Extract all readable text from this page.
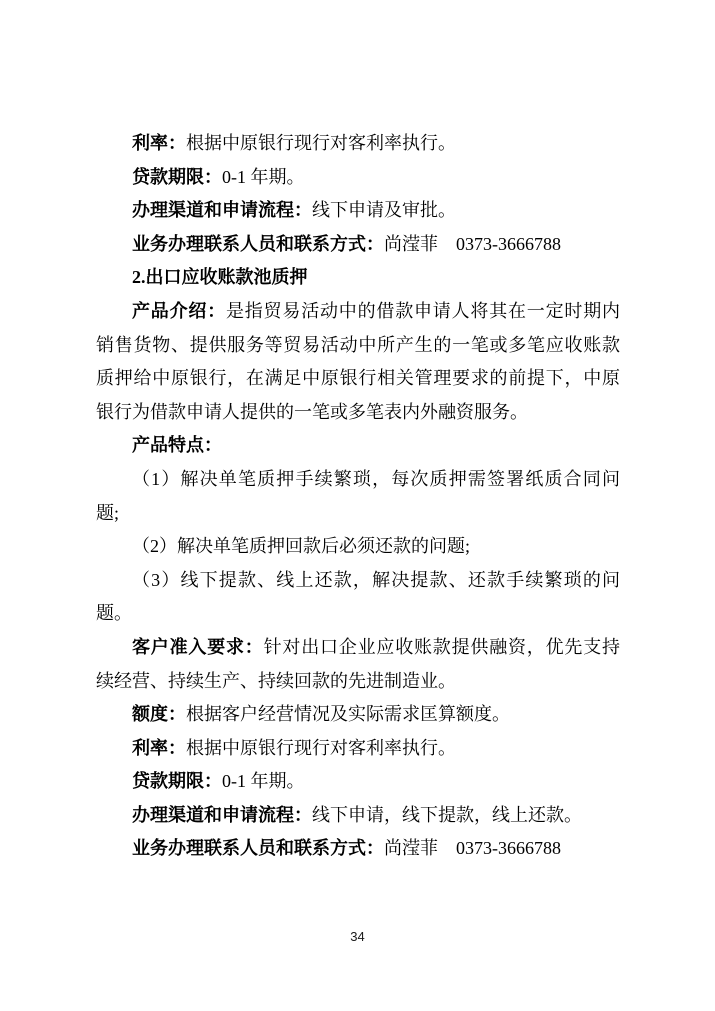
利率：根据中原银行现行对客利率执行。
贷款期限：0-1 年期。
办理渠道和申请流程：线下申请及审批。
业务办理联系人员和联系方式：尚滢菲　0373-3666788
2.出口应收账款池质押
产品介绍：是指贸易活动中的借款申请人将其在一定时期内
销售货物、提供服务等贸易活动中所产生的一笔或多笔应收账款
质押给中原银行，在满足中原银行相关管理要求的前提下，中原
银行为借款申请人提供的一笔或多笔表内外融资服务。
产品特点：
（1）解决单笔质押手续繁琐，每次质押需签署纸质合同问
题;
（2）解决单笔质押回款后必须还款的问题;
（3）线下提款、线上还款，解决提款、还款手续繁琐的问
题。
客户准入要求：针对出口企业应收账款提供融资，优先支持
续经营、持续生产、持续回款的先进制造业。
额度：根据客户经营情况及实际需求匡算额度。
利率：根据中原银行现行对客利率执行。
贷款期限：0-1 年期。
办理渠道和申请流程：线下申请，线下提款，线上还款。
业务办理联系人员和联系方式：尚滢菲　0373-3666788
34
